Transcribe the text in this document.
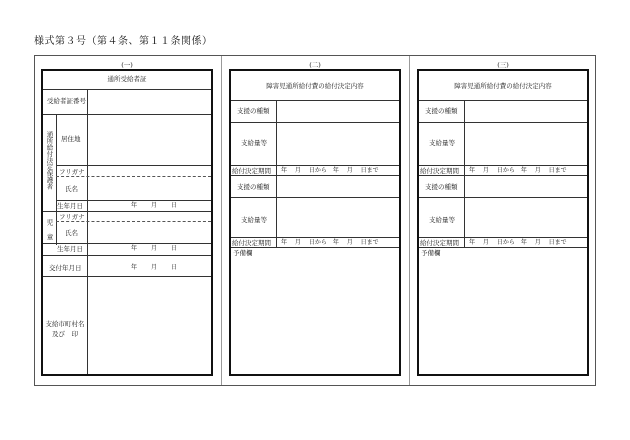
様式第３号（第４条、第１１条関係）
(一)	(二)	(三)
通所受給者証
受給者証番号
通所給付決定保護者 居住地
フリガナ
氏名
生年月日	年 月 日
児童
フリガナ
氏名
生年月日	年 月 日
交付年月日	年 月 日
支給市町村名
及び　印
障害児通所給付費の給付決定内容
支援の種類
支給量等
給付決定期間 年　 月　 日から　年　 月　 日まで
支援の種類
支給量等
給付決定期間 年　 月　 日から　年　 月　 日まで
予備欄
障害児通所給付費の給付決定内容
支援の種類
支給量等
給付決定期間 年　 月　 日から　年　 月　 日まで
支援の種類
支給量等
給付決定期間 年　 月　 日から　年　 月　 日まで
予備欄
